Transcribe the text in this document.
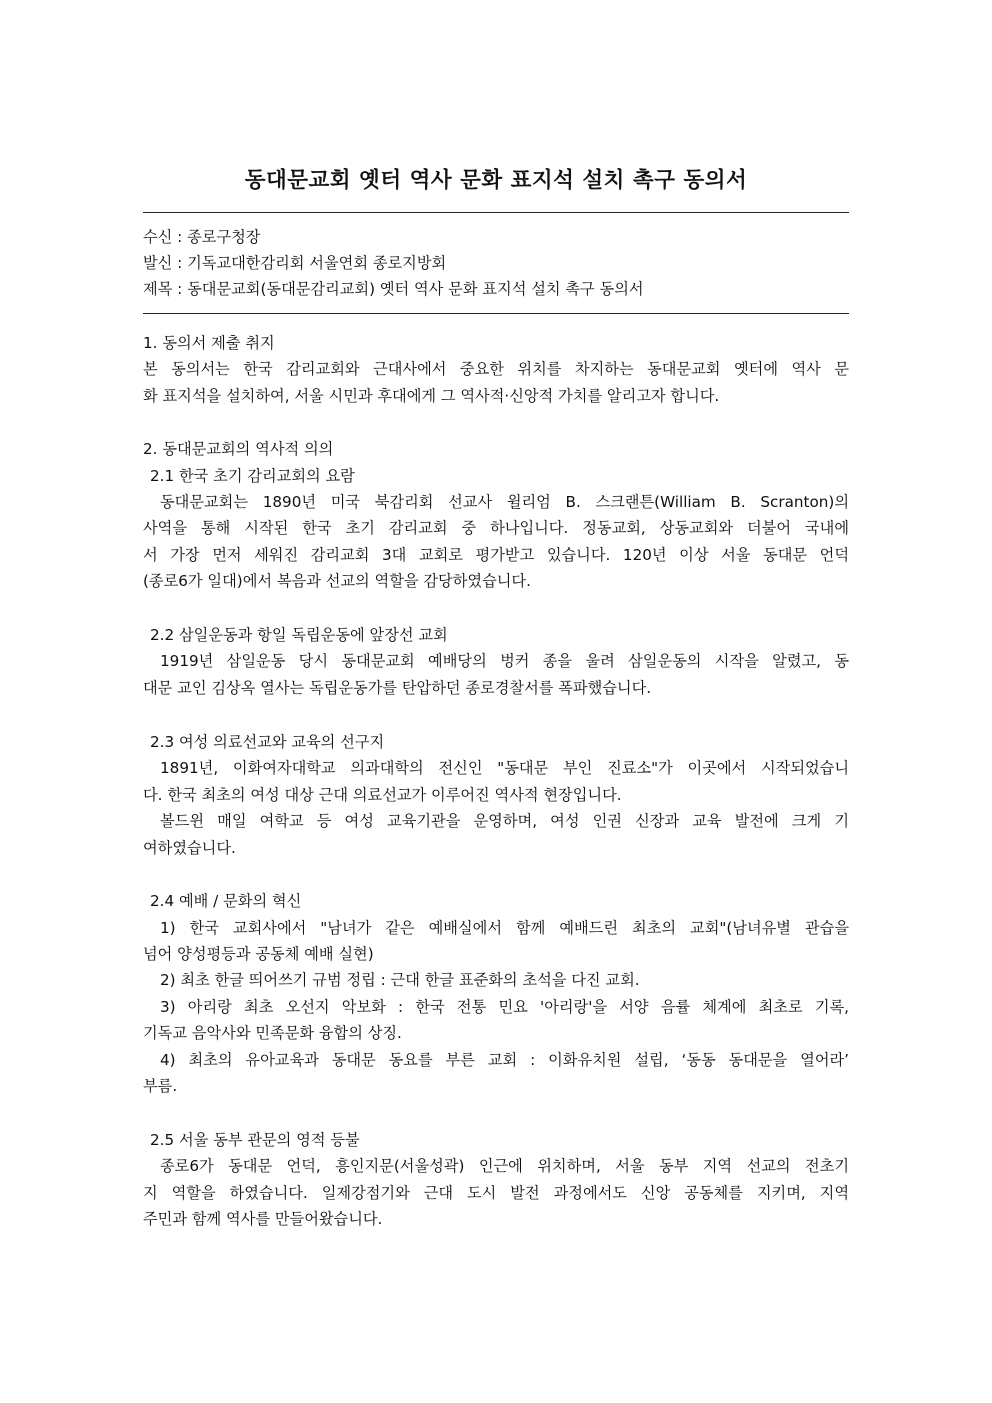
동대문교회 옛터 역사 문화 표지석 설치 촉구 동의서
수신 : 종로구청장
발신 : 기독교대한감리회 서울연회 종로지방회
제목 : 동대문교회(동대문감리교회) 옛터 역사 문화 표지석 설치 촉구 동의서
1. 동의서 제출 취지
본 동의서는 한국 감리교회와 근대사에서 중요한 위치를 차지하는 동대문교회 옛터에 역사 문
화 표지석을 설치하여, 서울 시민과 후대에게 그 역사적·신앙적 가치를 알리고자 합니다.
2. 동대문교회의 역사적 의의
2.1 한국 초기 감리교회의 요람
동대문교회는 1890년 미국 북감리회 선교사 윌리엄 B. 스크랜튼(William B. Scranton)의
사역을 통해 시작된 한국 초기 감리교회 중 하나입니다. 정동교회, 상동교회와 더불어 국내에
서 가장 먼저 세워진 감리교회 3대 교회로 평가받고 있습니다. 120년 이상 서울 동대문 언덕
(종로6가 일대)에서 복음과 선교의 역할을 감당하였습니다.
2.2 삼일운동과 항일 독립운동에 앞장선 교회
1919년 삼일운동 당시 동대문교회 예배당의 벙커 종을 울려 삼일운동의 시작을 알렸고, 동
대문 교인 김상옥 열사는 독립운동가를 탄압하던 종로경찰서를 폭파했습니다.
2.3 여성 의료선교와 교육의 선구지
1891년, 이화여자대학교 의과대학의 전신인 "동대문 부인 진료소"가 이곳에서 시작되었습니
다. 한국 최초의 여성 대상 근대 의료선교가 이루어진 역사적 현장입니다.
볼드윈 매일 여학교 등 여성 교육기관을 운영하며, 여성 인권 신장과 교육 발전에 크게 기
여하였습니다.
2.4 예배 / 문화의 혁신
1) 한국 교회사에서 "남녀가 같은 예배실에서 함께 예배드린 최초의 교회"(남녀유별 관습을
넘어 양성평등과 공동체 예배 실현)
2) 최초 한글 띄어쓰기 규범 정립 : 근대 한글 표준화의 초석을 다진 교회.
3) 아리랑 최초 오선지 악보화 : 한국 전통 민요 '아리랑'을 서양 음률 체계에 최초로 기록,
기독교 음악사와 민족문화 융합의 상징.
4) 최초의 유아교육과 동대문 동요를 부른 교회 : 이화유치원 설립, ‘동동 동대문을 열어라’
부름.
2.5 서울 동부 관문의 영적 등불
종로6가 동대문 언덕, 흥인지문(서울성곽) 인근에 위치하며, 서울 동부 지역 선교의 전초기
지 역할을 하였습니다. 일제강점기와 근대 도시 발전 과정에서도 신앙 공동체를 지키며, 지역
주민과 함께 역사를 만들어왔습니다.
